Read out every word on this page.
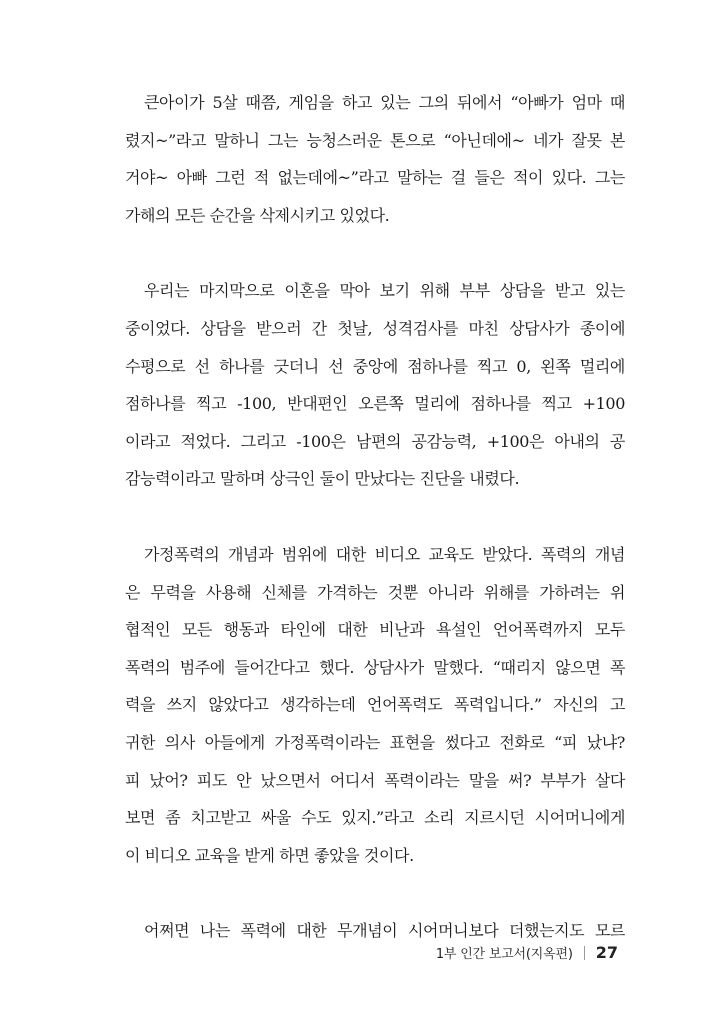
큰아이가 5살 때쯤, 게임을 하고 있는 그의 뒤에서 “아빠가 엄마 때
렸지~”라고 말하니 그는 능청스러운 톤으로 “아닌데에~ 네가 잘못 본
거야~ 아빠 그런 적 없는데에~”라고 말하는 걸 들은 적이 있다. 그는
가해의 모든 순간을 삭제시키고 있었다.

우리는 마지막으로 이혼을 막아 보기 위해 부부 상담을 받고 있는
중이었다. 상담을 받으러 간 첫날, 성격검사를 마친 상담사가 종이에
수평으로 선 하나를 긋더니 선 중앙에 점하나를 찍고 0, 왼쪽 멀리에
점하나를 찍고 -100, 반대편인 오른쪽 멀리에 점하나를 찍고 +100
이라고 적었다. 그리고 -100은 남편의 공감능력, +100은 아내의 공
감능력이라고 말하며 상극인 둘이 만났다는 진단을 내렸다.

가정폭력의 개념과 범위에 대한 비디오 교육도 받았다. 폭력의 개념
은 무력을 사용해 신체를 가격하는 것뿐 아니라 위해를 가하려는 위
협적인 모든 행동과 타인에 대한 비난과 욕설인 언어폭력까지 모두
폭력의 범주에 들어간다고 했다. 상담사가 말했다. “때리지 않으면 폭
력을 쓰지 않았다고 생각하는데 언어폭력도 폭력입니다.” 자신의 고
귀한 의사 아들에게 가정폭력이라는 표현을 썼다고 전화로 “피 났냐?
피 났어? 피도 안 났으면서 어디서 폭력이라는 말을 써? 부부가 살다
보면 좀 치고받고 싸울 수도 있지.”라고 소리 지르시던 시어머니에게
이 비디오 교육을 받게 하면 좋았을 것이다.

어쩌면 나는 폭력에 대한 무개념이 시어머니보다 더했는지도 모르

1부 인간 보고서(지옥편) 27
